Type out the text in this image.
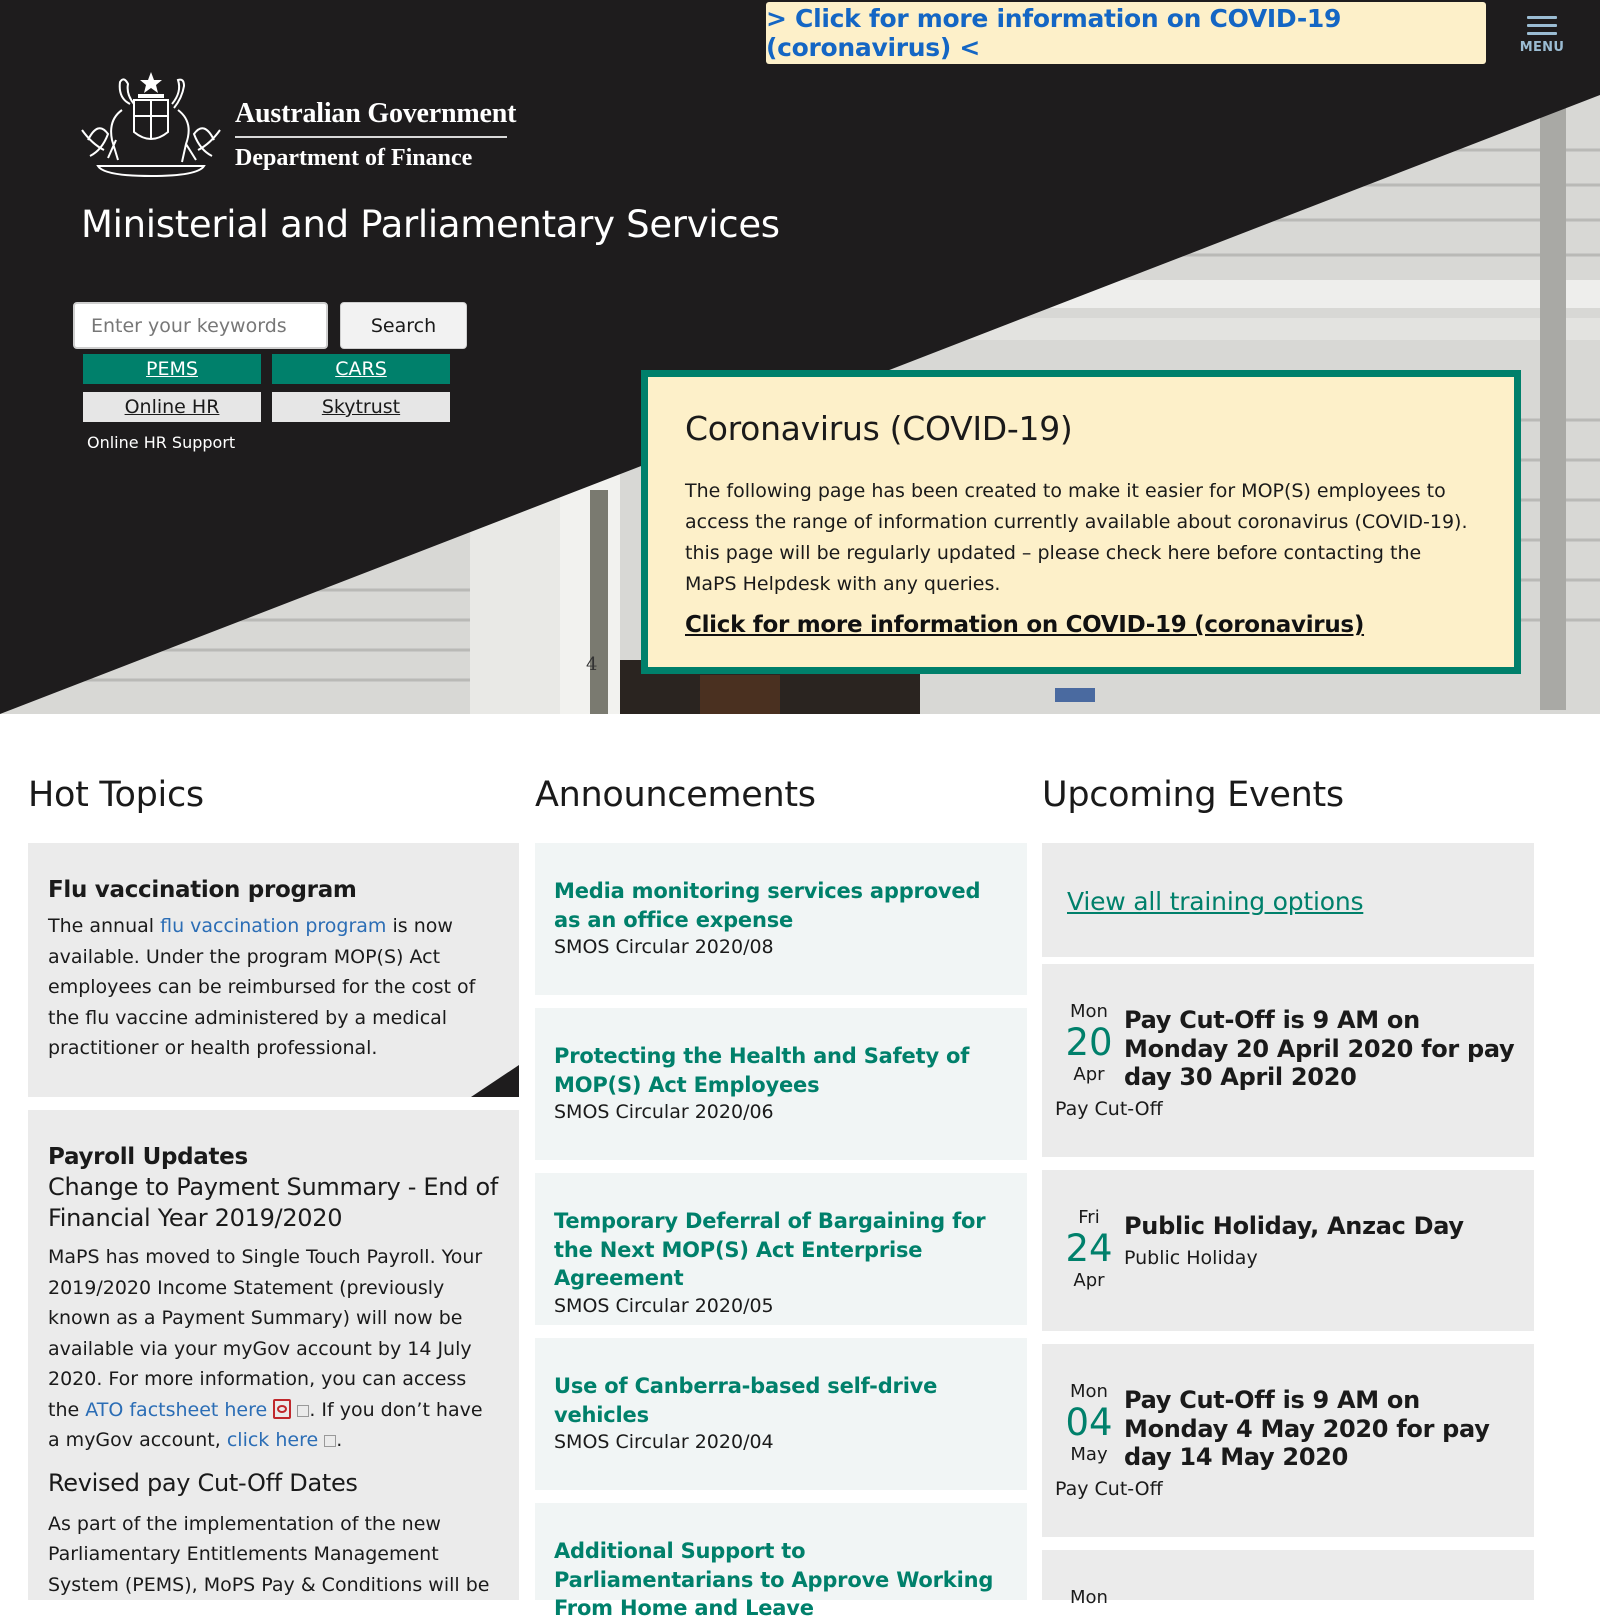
4
> Click for more information on COVID-19 (coronavirus) <	MENU
Australian Government
Department of Finance
Ministerial and Parliamentary Services
Enter your keywords
Search
PEMS	CARS
Online HR	Skytrust
Online HR Support	Coronavirus (COVID-19)

The following page has been created to make it easier for MOP(S) employees to access the range of information currently available about coronavirus (COVID-19). this page will be regularly updated – please check here before contacting the MaPS Helpdesk with any queries.

Click for more information on COVID-19 (coronavirus)
Hot Topics	Announcements	Upcoming Events
Flu vaccination program

The annual flu vaccination program is now available. Under the program MOP(S) Act employees can be reimbursed for the cost of the flu vaccine administered by a medical practitioner or health professional.

Payroll Updates
Change to Payment Summary - End of Financial Year 2019/2020

MaPS has moved to Single Touch Payroll. Your 2019/2020 Income Statement (previously known as a Payment Summary) will now be available via your myGov account by 14 July 2020. For more information, you can access the ATO factsheet here . If you don’t have a myGov account, click here .

Revised pay Cut-Off Dates

As part of the implementation of the new Parliamentary Entitlements Management System (PEMS), MoPS Pay & Conditions will be

Media monitoring services approved as an office expense
SMOS Circular 2020/08
Protecting the Health and Safety of MOP(S) Act Employees
SMOS Circular 2020/06
Temporary Deferral of Bargaining for the Next MOP(S) Act Enterprise Agreement
SMOS Circular 2020/05
Use of Canberra-based self-drive vehicles
SMOS Circular 2020/04
Additional Support to Parliamentarians to Approve Working From Home and Leave
View all training options
Mon
20
Apr
Pay Cut-Off is 9 AM on Monday 20 April 2020 for pay day 30 April 2020
Pay Cut-Off
Fri
24
Apr
Public Holiday, Anzac Day
Public Holiday
Mon
04
May
Pay Cut-Off is 9 AM on Monday 4 May 2020 for pay day 14 May 2020
Pay Cut-Off
Mon
